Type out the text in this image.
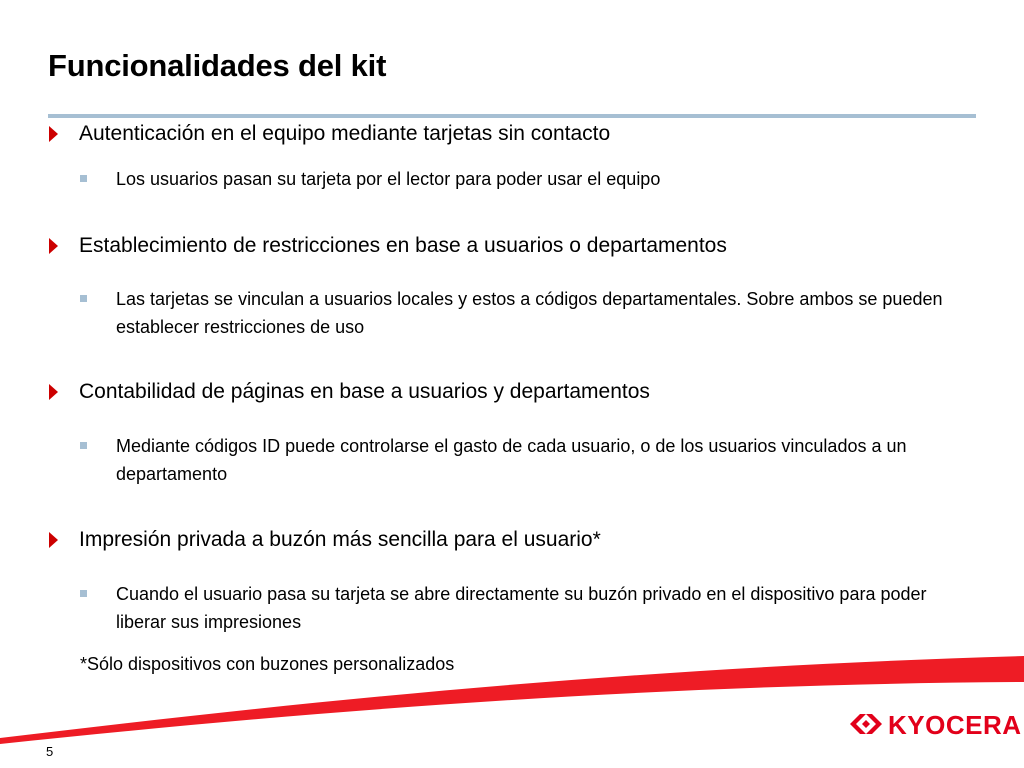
Funcionalidades del kit
Autenticación en el equipo mediante tarjetas sin contacto
Los usuarios pasan su tarjeta por el lector para poder usar el equipo
Establecimiento de restricciones en base a usuarios o departamentos
Las tarjetas se vinculan a usuarios locales y estos a códigos departamentales. Sobre ambos se pueden establecer restricciones de uso
Contabilidad de páginas en base a usuarios y departamentos
Mediante códigos ID puede controlarse el gasto de cada usuario, o de los usuarios vinculados a un departamento
Impresión privada a buzón más sencilla para el usuario*
Cuando el usuario pasa su tarjeta se abre directamente su buzón privado en el dispositivo para poder liberar sus impresiones
*Sólo dispositivos con buzones personalizados
5
KYOCERA
